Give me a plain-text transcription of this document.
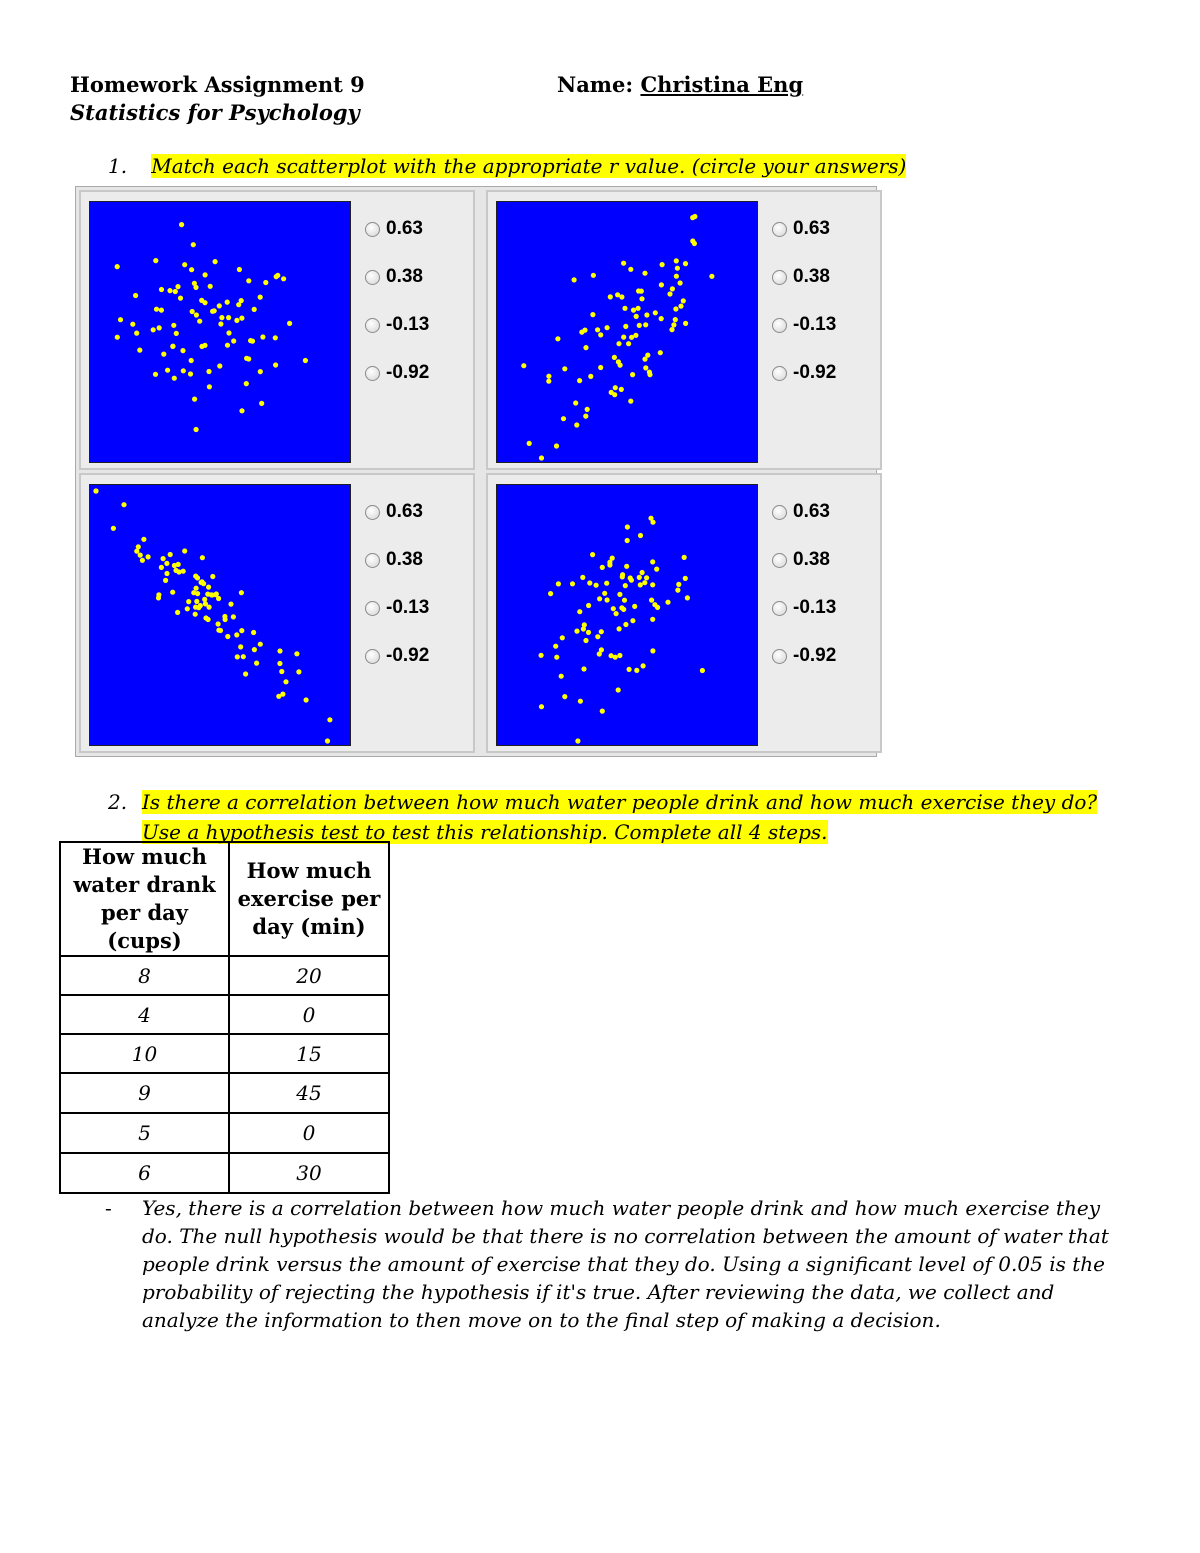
Homework Assignment 9
Statistics for Psychology
Name: Christina Eng
1. Match each scatterplot with the appropriate r value. (circle your answers)
0.63
0.38
-0.13
-0.92
0.63
0.38
-0.13
-0.92
0.63
0.38
-0.13
-0.92
0.63
0.38
-0.13
-0.92
2. Is there a correlation between how much water people drink and how much exercise they do? Use a hypothesis test to test this relationship. Complete all 4 steps.
How much water drank per day (cups)	How much exercise per day (min)
8	20
4	0
10	15
9	45
5	0
6	30
- Yes, there is a correlation between how much water people drink and how much exercise they do. The null hypothesis would be that there is no correlation between the amount of water that people drink versus the amount of exercise that they do. Using a significant level of 0.05 is the probability of rejecting the hypothesis if it's true. After reviewing the data, we collect and analyze the information to then move on to the final step of making a decision.
